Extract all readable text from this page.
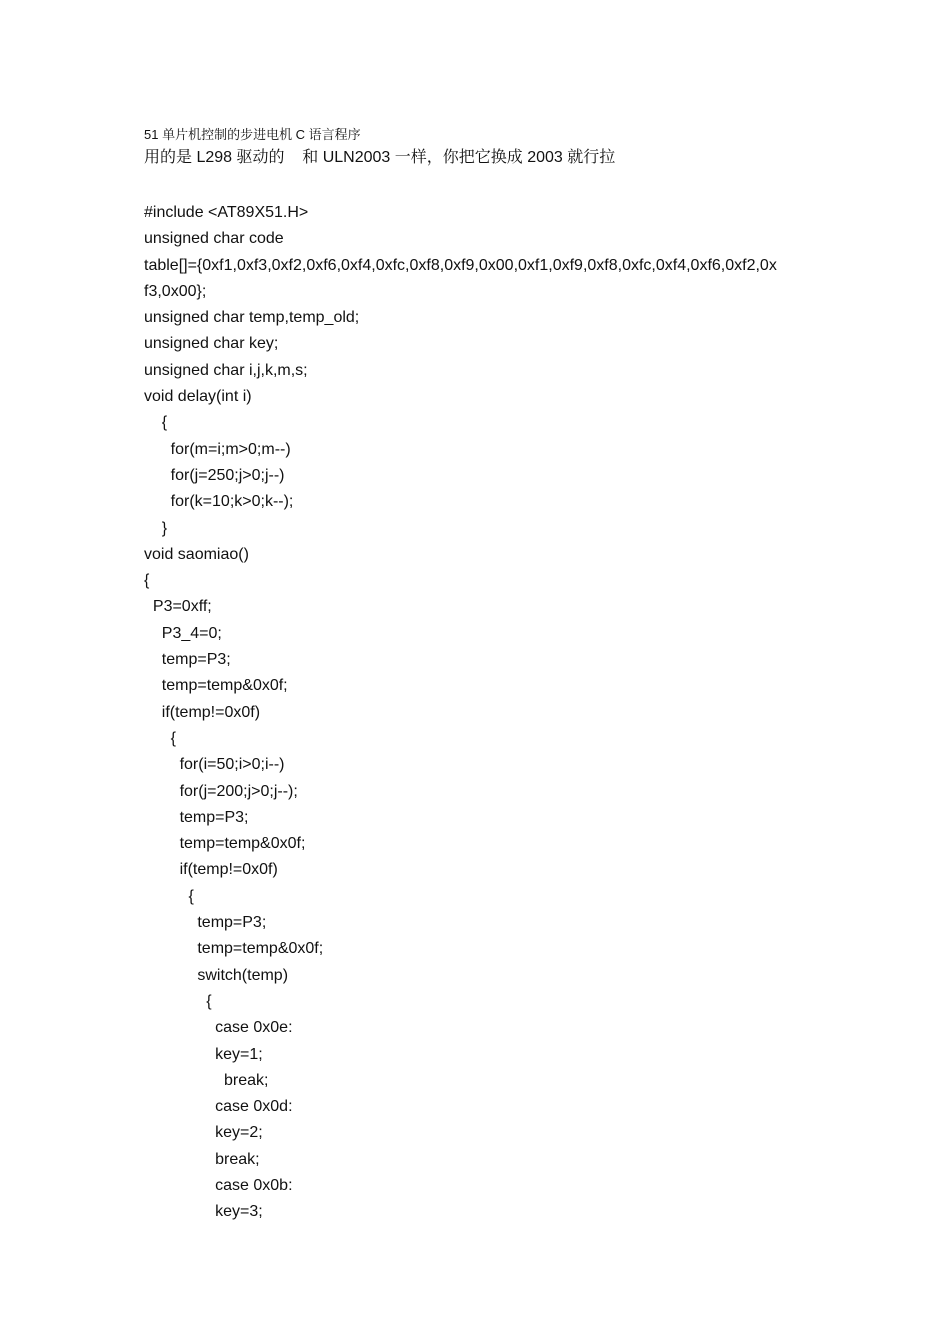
51 单片机控制的步进电机 C 语言程序
用的是 L298 驱动的    和 ULN2003 一样，你把它换成 2003 就行拉
#include <AT89X51.H>
unsigned char code
table[]={0xf1,0xf3,0xf2,0xf6,0xf4,0xfc,0xf8,0xf9,0x00,0xf1,0xf9,0xf8,0xfc,0xf4,0xf6,0xf2,0x
f3,0x00};
unsigned char temp,temp_old;
unsigned char key;
unsigned char i,j,k,m,s;
void delay(int i)
{
for(m=i;m>0;m--)
for(j=250;j>0;j--)
for(k=10;k>0;k--);
}
void saomiao()
{
P3=0xff;
P3_4=0;
temp=P3;
temp=temp&0x0f;
if(temp!=0x0f)
{
for(i=50;i>0;i--)
for(j=200;j>0;j--);
temp=P3;
temp=temp&0x0f;
if(temp!=0x0f)
{
temp=P3;
temp=temp&0x0f;
switch(temp)
{
case 0x0e:
key=1;
break;
case 0x0d:
key=2;
break;
case 0x0b:
key=3;
